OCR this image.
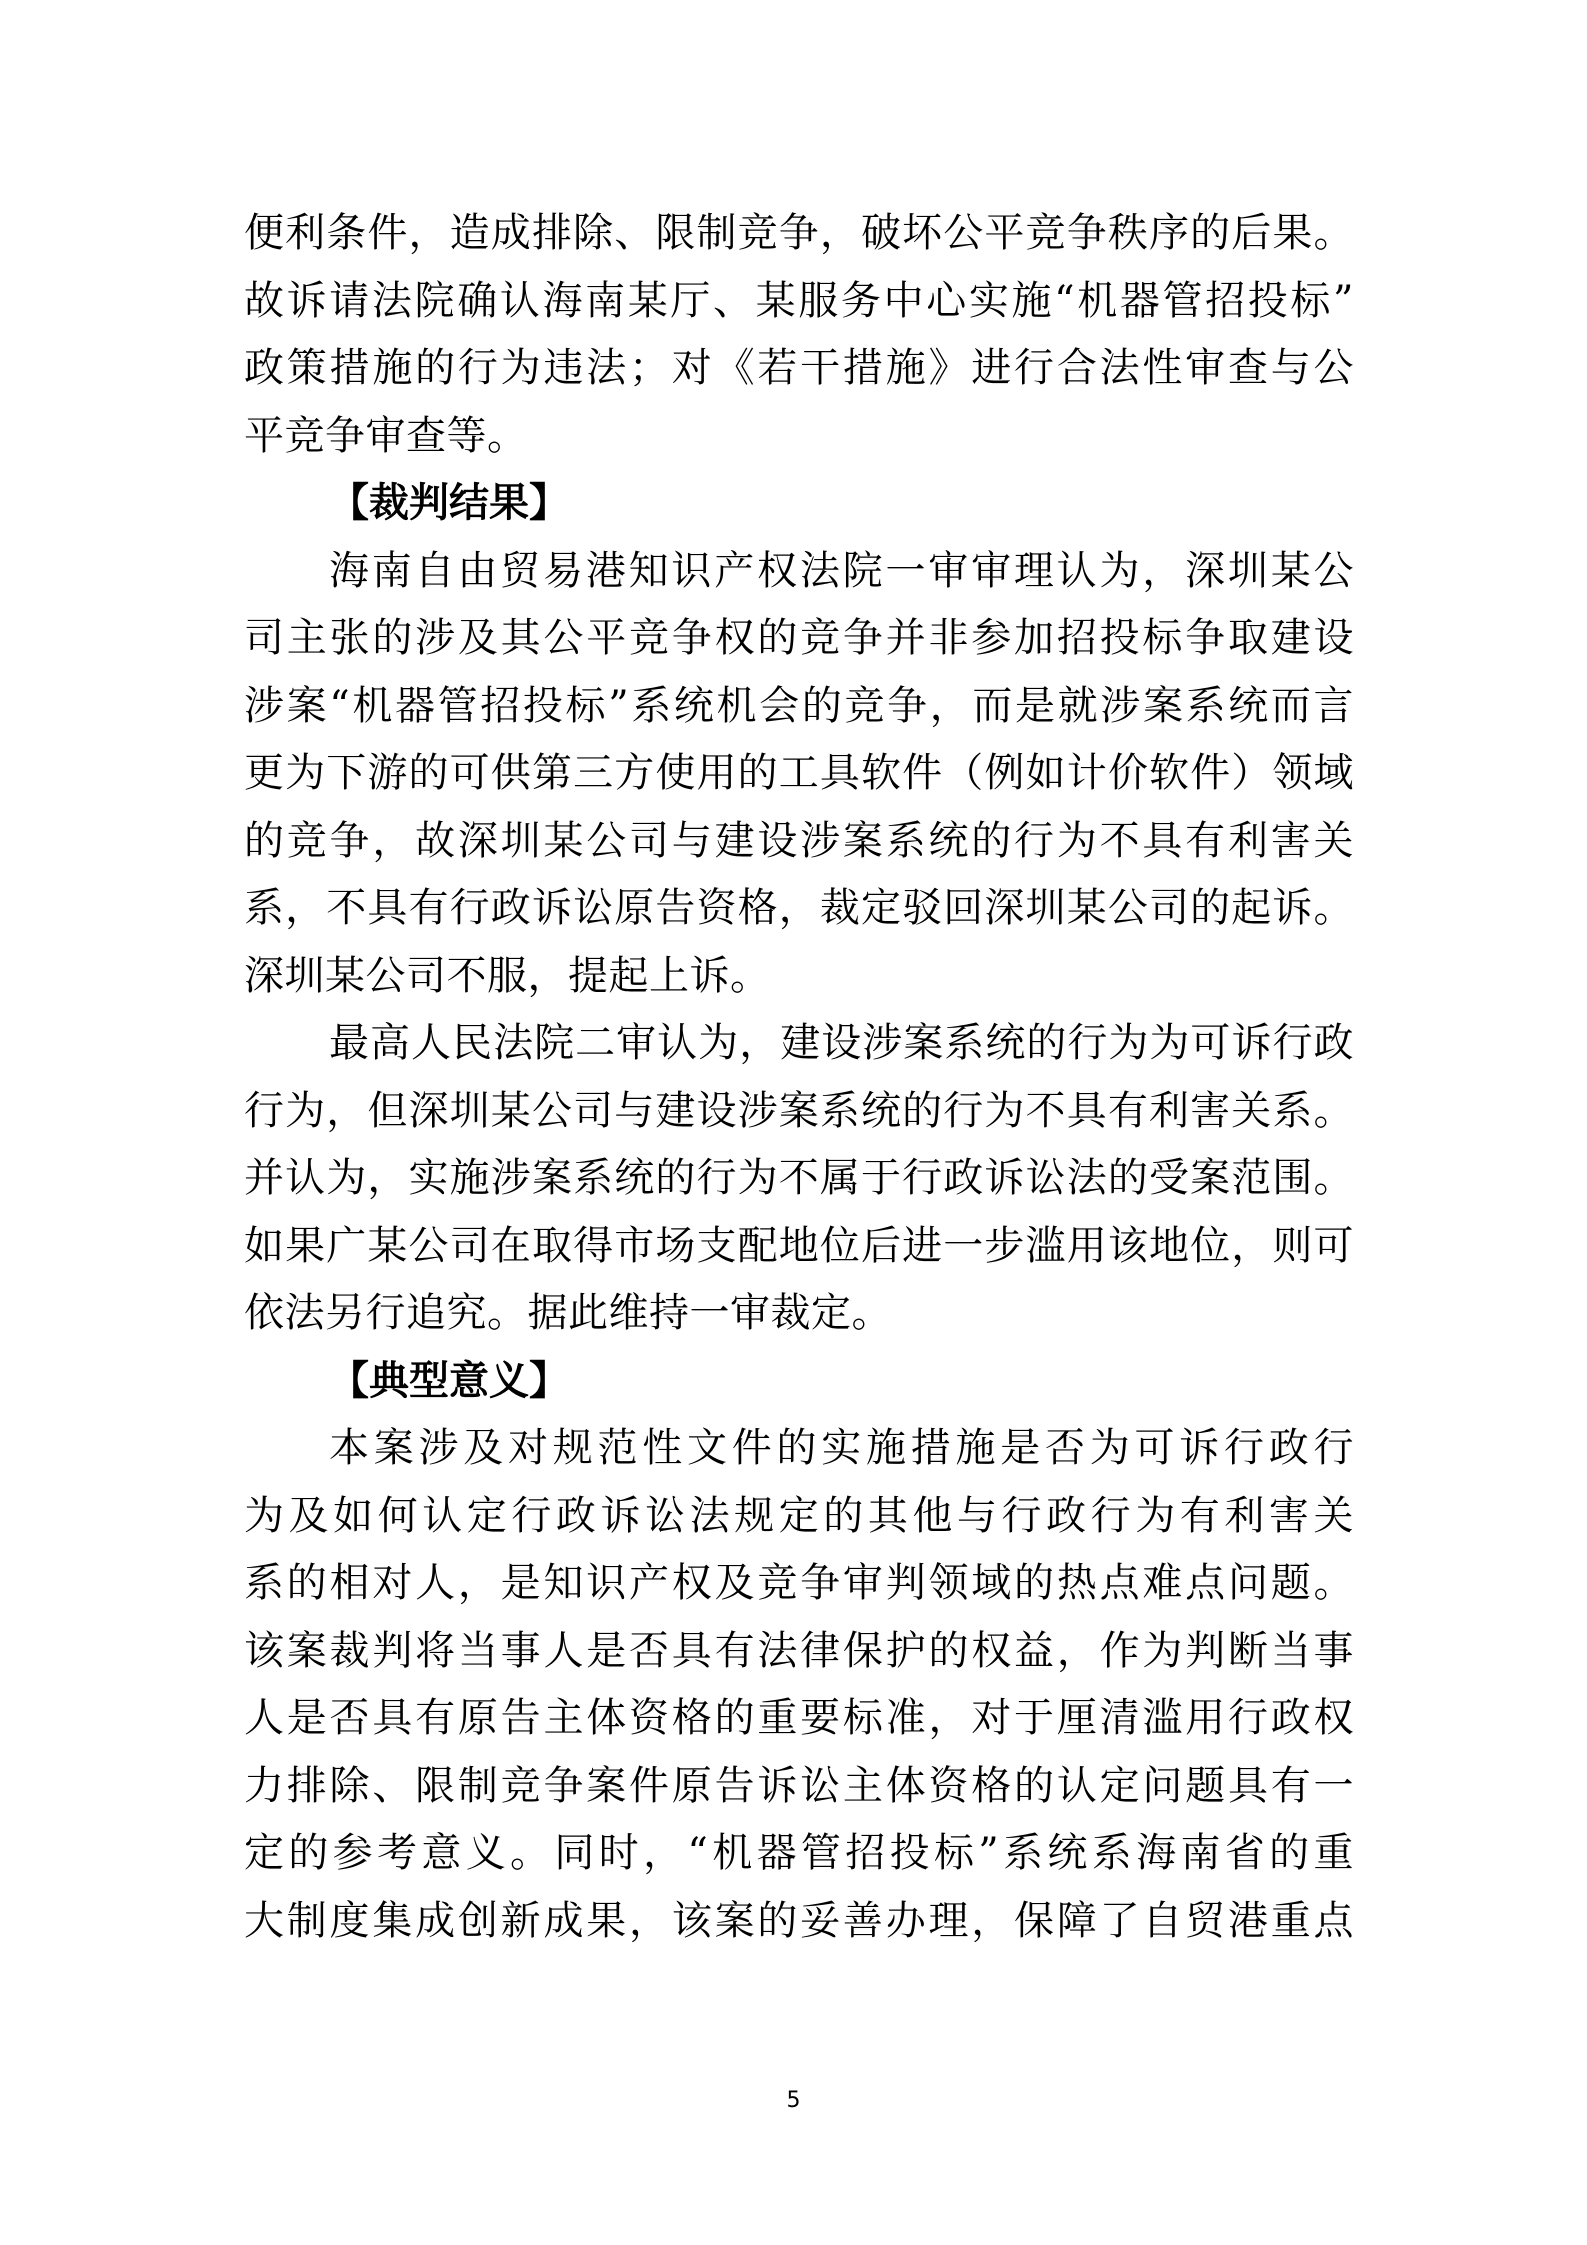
便利条件，造成排除、限制竞争，破坏公平竞争秩序的后果。
故诉请法院确认海南某厅、某服务中心实施“机器管招投标”
政策措施的行为违法；对《若干措施》进行合法性审查与公
平竞争审查等。
【裁判结果】
海南自由贸易港知识产权法院一审审理认为，深圳某公
司主张的涉及其公平竞争权的竞争并非参加招投标争取建设
涉案“机器管招投标”系统机会的竞争，而是就涉案系统而言
更为下游的可供第三方使用的工具软件（例如计价软件）领域
的竞争，故深圳某公司与建设涉案系统的行为不具有利害关
系，不具有行政诉讼原告资格，裁定驳回深圳某公司的起诉。
深圳某公司不服，提起上诉。
最高人民法院二审认为，建设涉案系统的行为为可诉行政
行为，但深圳某公司与建设涉案系统的行为不具有利害关系。
并认为，实施涉案系统的行为不属于行政诉讼法的受案范围。
如果广某公司在取得市场支配地位后进一步滥用该地位，则可
依法另行追究。据此维持一审裁定。
【典型意义】
本案涉及对规范性文件的实施措施是否为可诉行政行
为及如何认定行政诉讼法规定的其他与行政行为有利害关
系的相对人，是知识产权及竞争审判领域的热点难点问题。
该案裁判将当事人是否具有法律保护的权益，作为判断当事
人是否具有原告主体资格的重要标准，对于厘清滥用行政权
力排除、限制竞争案件原告诉讼主体资格的认定问题具有一
定的参考意义。同时，“机器管招投标”系统系海南省的重
大制度集成创新成果，该案的妥善办理，保障了自贸港重点
5
